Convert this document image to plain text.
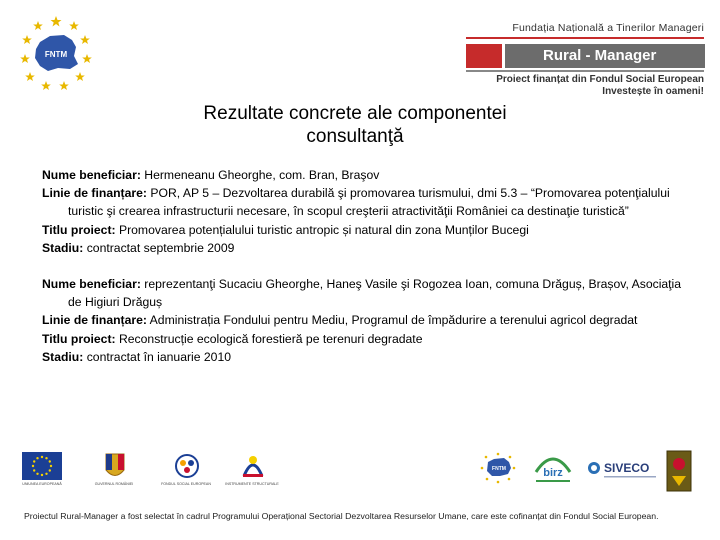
FNTM
Fundația Națională a Tinerilor Manageri
Rural - Manager
Proiect finanțat din Fondul Social European
Investește în oameni!
Rezultate concrete ale componentei
consultanţă
Nume beneficiar: Hermeneanu Gheorghe, com. Bran, Braşov
Linie de finanțare: POR, AP 5 – Dezvoltarea durabilă şi promovarea turismului, dmi 5.3 – “Promovarea potenţialului turistic şi crearea infrastructurii necesare, în scopul creşterii atractivităţii României ca destinaţie turistică”
Titlu proiect: Promovarea potențialului turistic antropic și natural din zona Munților Bucegi
Stadiu: contractat septembrie 2009
Nume beneficiar: reprezentanţi Sucaciu Gheorghe, Haneş Vasile şi Rogozea Ioan, comuna Drăguș, Brașov, Asociaţia de Higiuri Drăguș
Linie de finanțare: Administrația Fondului pentru Mediu, Programul de împădurire a terenului agricol degradat
Titlu proiect: Reconstrucție ecologică forestieră pe terenuri degradate
Stadiu: contractat în ianuarie 2010
UNIUNEA EUROPEANĂ	GUVERNUL ROMÂNIEI	FONDUL SOCIAL EUROPEAN	INSTRUMENTE STRUCTURALE
FNTM	birz	SIVECO
Proiectul Rural-Manager a fost selectat în cadrul Programului Operațional Sectorial Dezvoltarea Resurselor Umane, care este cofinanțat din Fondul Social European.
